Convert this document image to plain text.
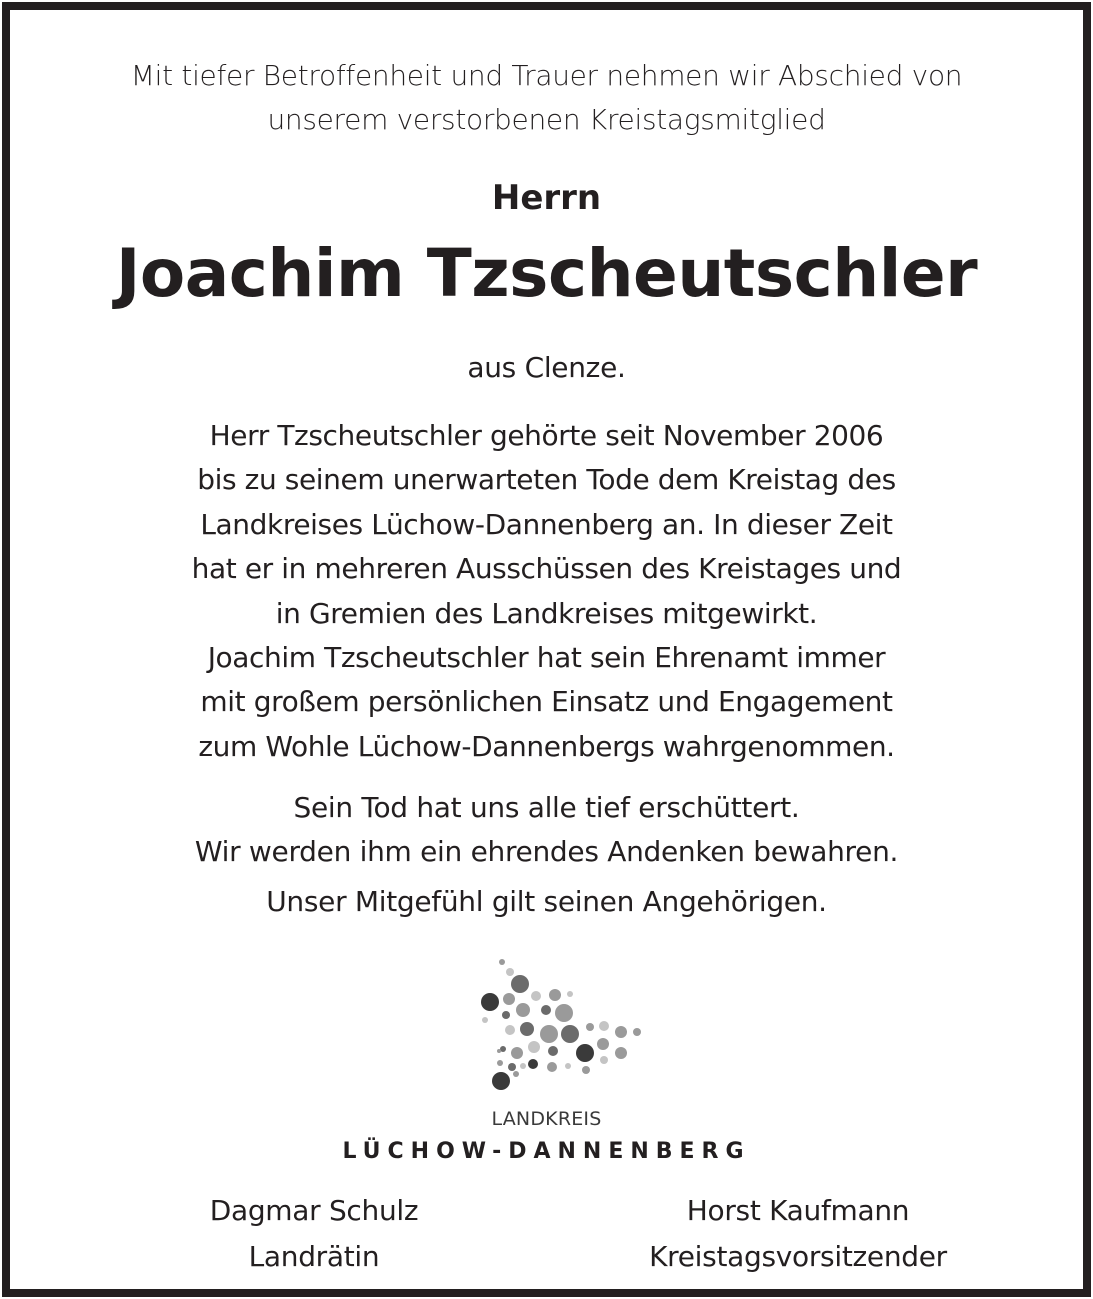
Mit tiefer Betroffenheit und Trauer nehmen wir Abschied von
unserem verstorbenen Kreistagsmitglied
Herrn
Joachim Tzscheutschler
aus Clenze.
Herr Tzscheutschler gehörte seit November 2006
bis zu seinem unerwarteten Tode dem Kreistag des
Landkreises Lüchow-Dannenberg an. In dieser Zeit
hat er in mehreren Ausschüssen des Kreistages und
in Gremien des Landkreises mitgewirkt.
Joachim Tzscheutschler hat sein Ehrenamt immer
mit großem persönlichen Einsatz und Engagement
zum Wohle Lüchow-Dannenbergs wahrgenommen.
Sein Tod hat uns alle tief erschüttert.
Wir werden ihm ein ehrendes Andenken bewahren.
Unser Mitgefühl gilt seinen Angehörigen.
LANDKREIS
LÜCHOW-DANNENBERG
Dagmar Schulz
Landrätin
Horst Kaufmann
Kreistagsvorsitzender
